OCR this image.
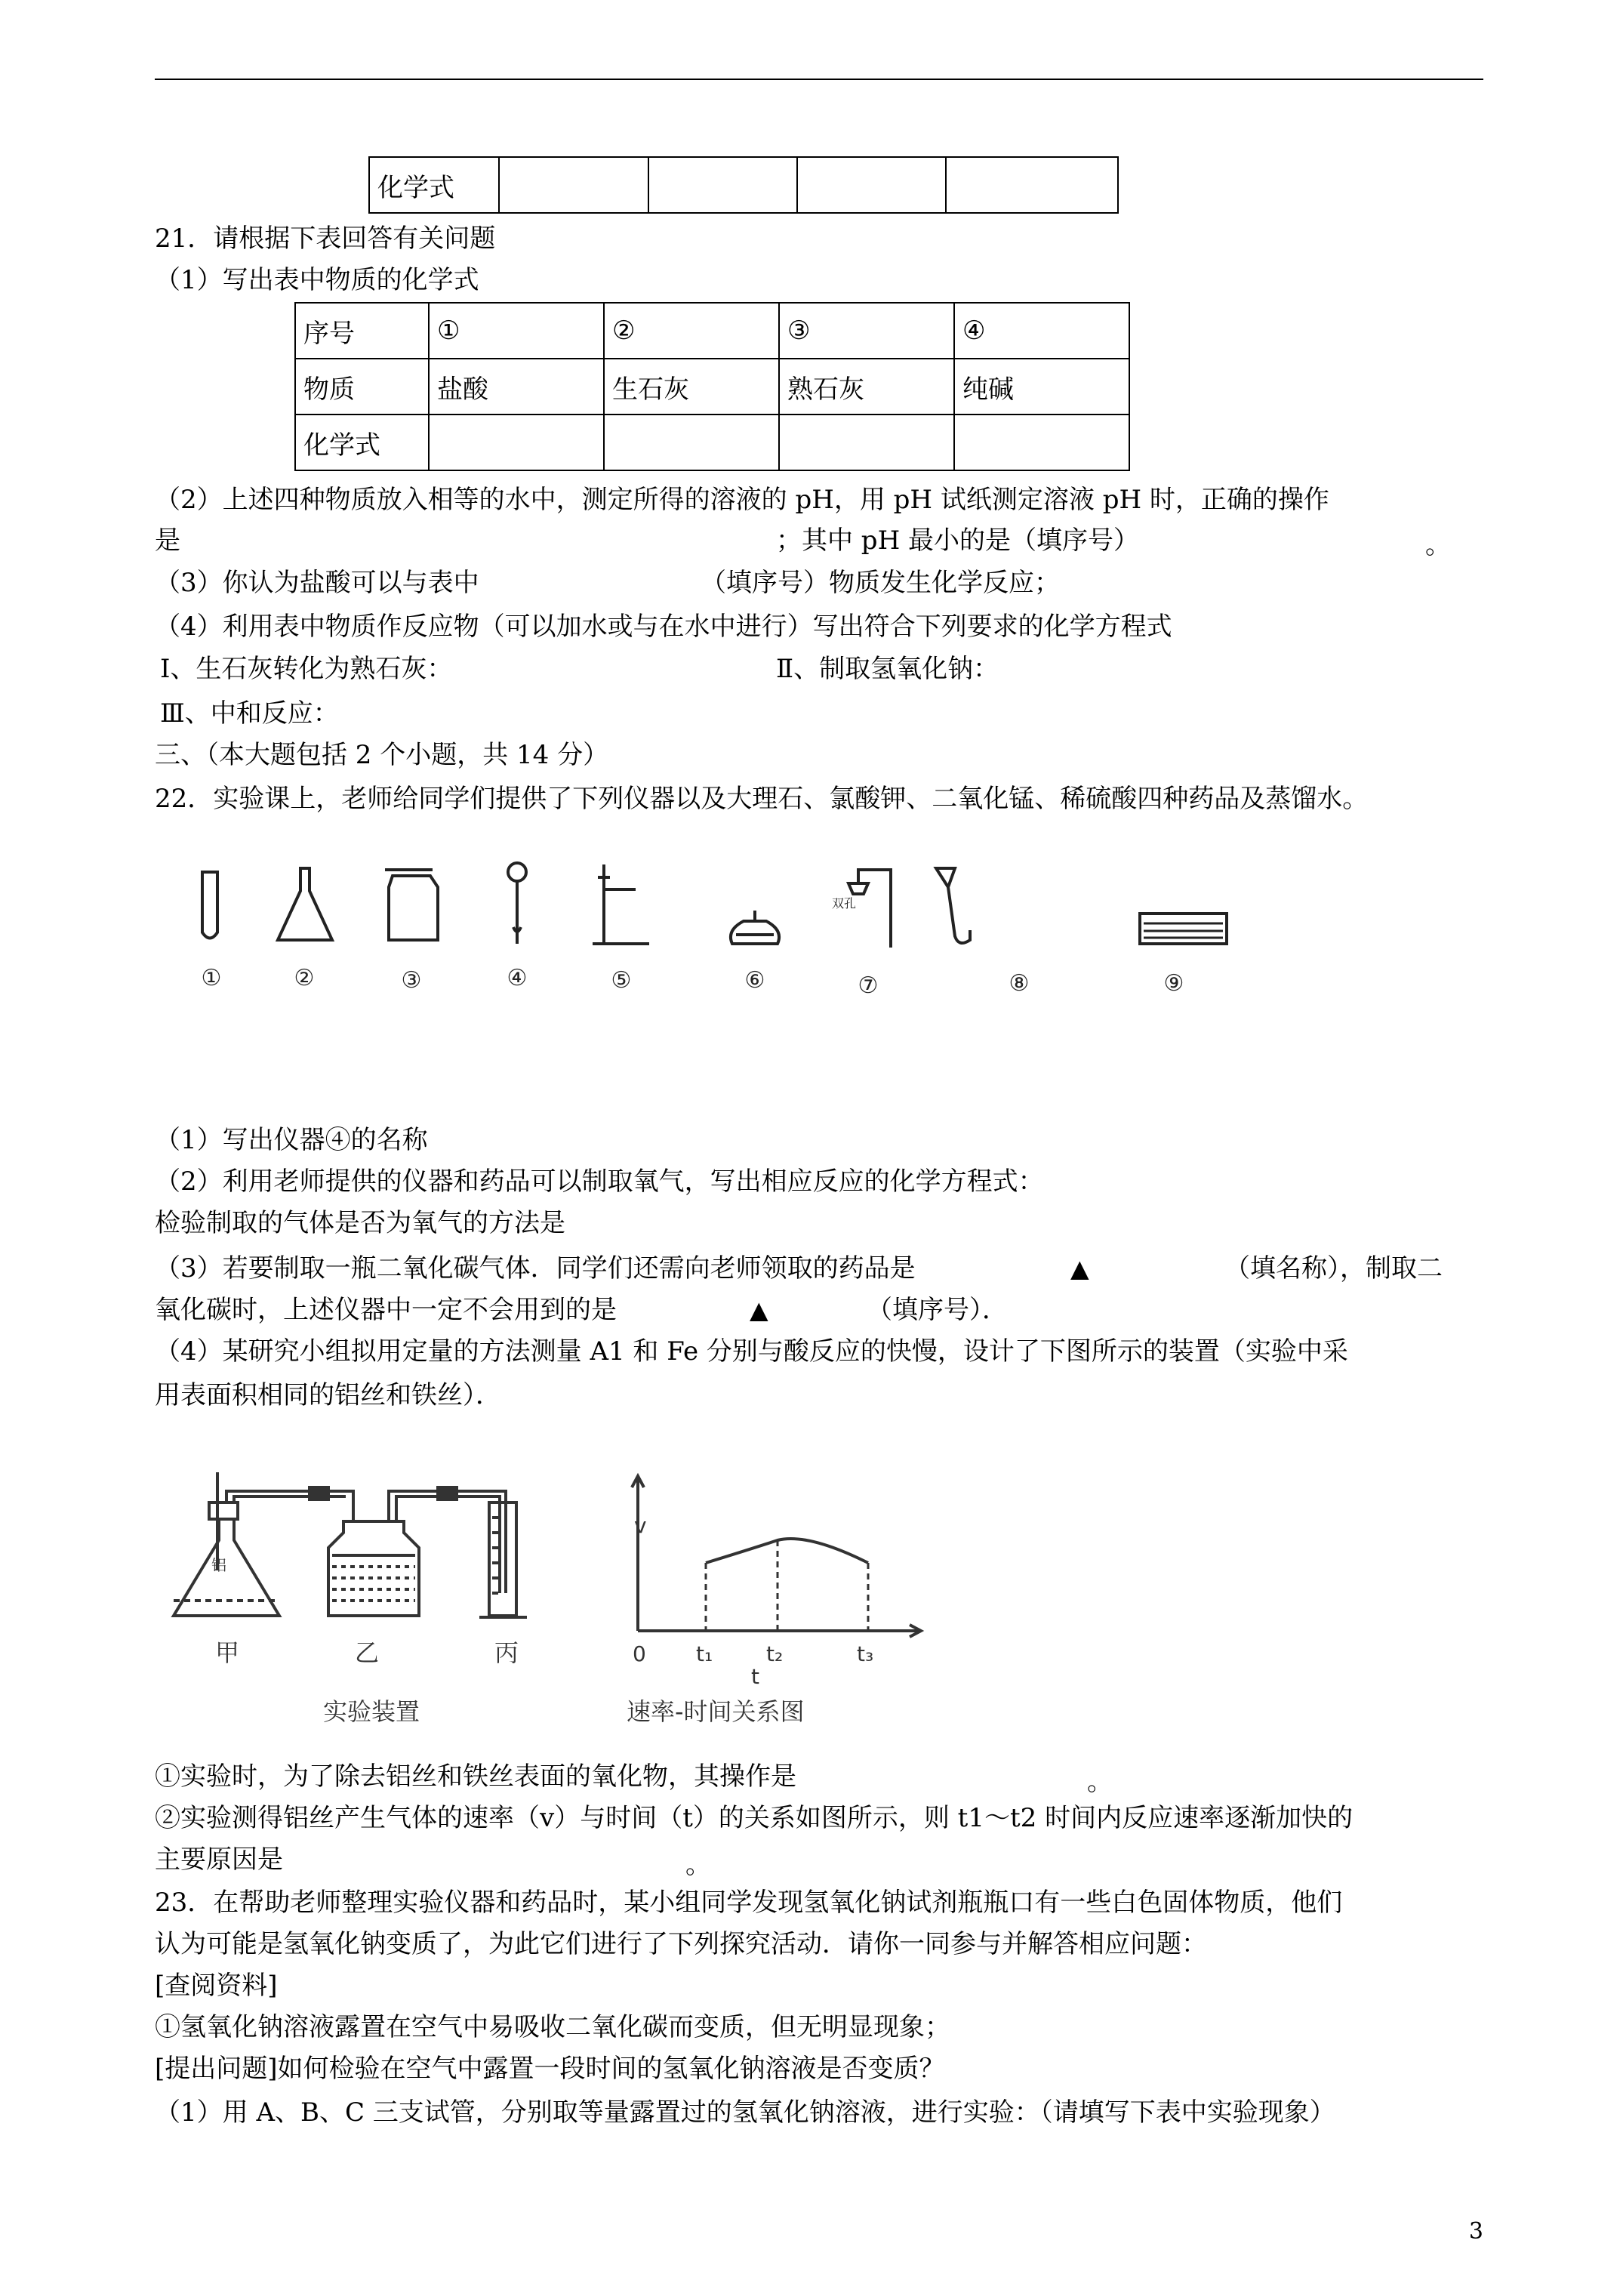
化学式				
21．请根据下表回答有关问题
（1）写出表中物质的化学式
序号	①	②	③	④
物质	盐酸	生石灰	熟石灰	纯碱
化学式				
（2）上述四种物质放入相等的水中，测定所得的溶液的 pH，用 pH 试纸测定溶液 pH 时，正确的操作
是	；其中 pH 最小的是（填序号）	。
（3）你认为盐酸可以与表中	（填序号）物质发生化学反应；
（4）利用表中物质作反应物（可以加水或与在水中进行）写出符合下列要求的化学方程式
Ⅰ、生石灰转化为熟石灰：	Ⅱ、制取氢氧化钠：
Ⅲ、中和反应：
三、（本大题包括 2 个小题，共 14 分）
22．实验课上，老师给同学们提供了下列仪器以及大理石、氯酸钾、二氧化锰、稀硫酸四种药品及蒸馏水。
①	②	③	④	⑤	⑥	⑦	⑧	⑨
双孔
（1）写出仪器④的名称
（2）利用老师提供的仪器和药品可以制取氧气，写出相应反应的化学方程式：
检验制取的气体是否为氧气的方法是
（3）若要制取一瓶二氧化碳气体．同学们还需向老师领取的药品是	▲	（填名称），制取二
氧化碳时，上述仪器中一定不会用到的是	▲	（填序号）．
（4）某研究小组拟用定量的方法测量 A1 和 Fe 分别与酸反应的快慢，设计了下图所示的装置（实验中采
用表面积相同的铝丝和铁丝）．
铝
甲	乙	丙
实验装置
v
0 t₁	t₂	t₃
t
速率-时间关系图
①实验时，为了除去铝丝和铁丝表面的氧化物，其操作是	。
②实验测得铝丝产生气体的速率（v）与时间（t）的关系如图所示，则 t1～t2 时间内反应速率逐渐加快的
主要原因是	。
23．在帮助老师整理实验仪器和药品时，某小组同学发现氢氧化钠试剂瓶瓶口有一些白色固体物质，他们
认为可能是氢氧化钠变质了，为此它们进行了下列探究活动．请你一同参与并解答相应问题：
[查阅资料]
①氢氧化钠溶液露置在空气中易吸收二氧化碳而变质，但无明显现象；
[提出问题]如何检验在空气中露置一段时间的氢氧化钠溶液是否变质？
（1）用 A、B、C 三支试管，分别取等量露置过的氢氧化钠溶液，进行实验：（请填写下表中实验现象）
3
